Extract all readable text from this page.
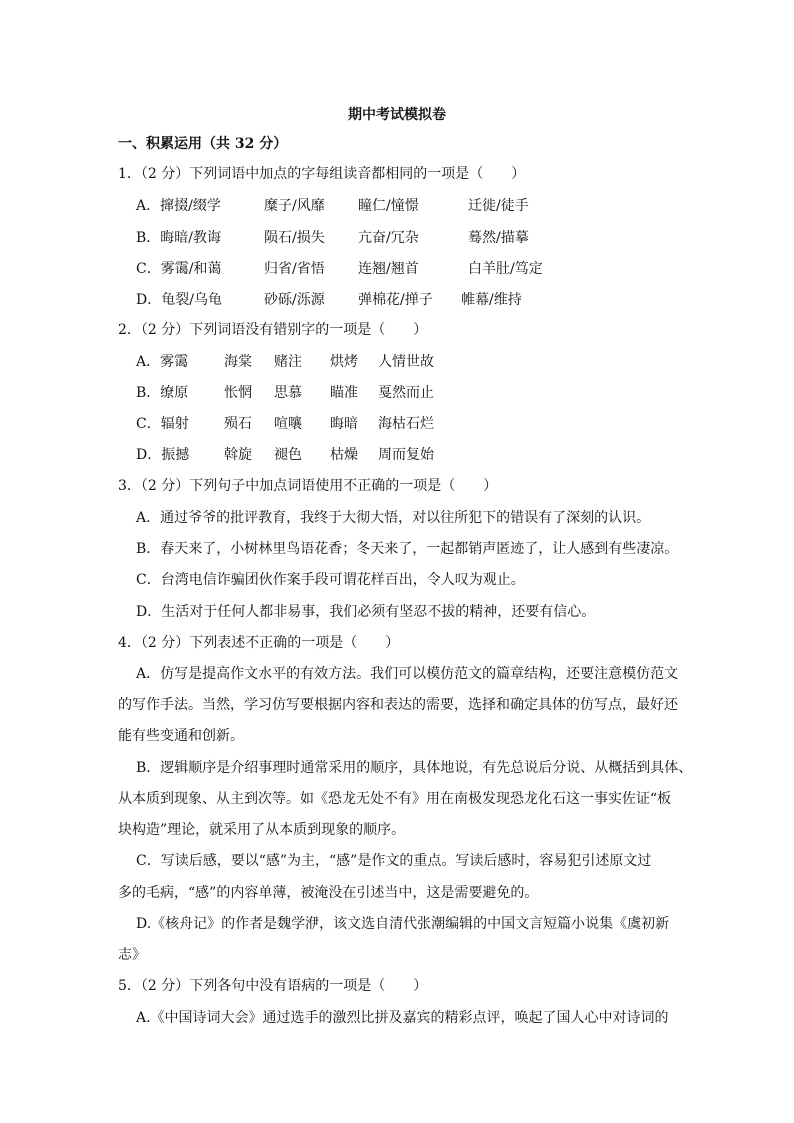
期中考试模拟卷
一、积累运用（共 32 分）
1．（2 分）下列词语中加点的字每组读音都相同的一项是（　　）
A．撺掇/缀学	糜子/风靡 瞳仁/憧憬	迁徙/徒手
B．晦暗/教诲	陨石/损失 亢奋/冗杂	蓦然/描摹
C．雾霭/和蔼	归省/省悟 连翘/翘首	白羊肚/笃定
D．龟裂/乌龟	砂砾/泺源 弹棉花/掸子 帷幕/维持
2．（2 分）下列词语没有错别字的一项是（　　）
A．雾霭	海棠 赌注 烘烤 人情世故
B．缭原	怅惘 思慕 瞄准 戛然而止
C．辐射	殒石 喧嚷 晦暗 海枯石烂
D．振撼 斡旋 褪色 枯燥 周而复始
3．（2 分）下列句子中加点词语使用不正确的一项是（　　）
A．通过爷爷的批评教育，我终于大彻大悟，对以往所犯下的错误有了深刻的认识。
B．春天来了，小树林里鸟语花香；冬天来了，一起都销声匿迹了，让人感到有些凄凉。
C．台湾电信诈骗团伙作案手段可谓花样百出，令人叹为观止。
D．生活对于任何人都非易事，我们必须有坚忍不拔的精神，还要有信心。
4．（2 分）下列表述不正确的一项是（　　）
A．仿写是提高作文水平的有效方法。我们可以模仿范文的篇章结构，还要注意模仿范文
的写作手法。当然，学习仿写要根据内容和表达的需要，选择和确定具体的仿写点，最好还
能有些变通和创新。
B．逻辑顺序是介绍事理时通常采用的顺序，具体地说，有先总说后分说、从概括到具体、
从本质到现象、从主到次等。如《恐龙无处不有》用在南极发现恐龙化石这一事实佐证“板
块构造”理论，就采用了从本质到现象的顺序。
C．写读后感，要以“感”为主，“感”是作文的重点。写读后感时，容易犯引述原文过
多的毛病，“感”的内容单薄，被淹没在引述当中，这是需要避免的。
D.《核舟记》的作者是魏学洢，该文选自清代张潮编辑的中国文言短篇小说集《虞初新
志》
5．（2 分）下列各句中没有语病的一项是（　　）
A.《中国诗词大会》通过选手的激烈比拼及嘉宾的精彩点评，唤起了国人心中对诗词的
